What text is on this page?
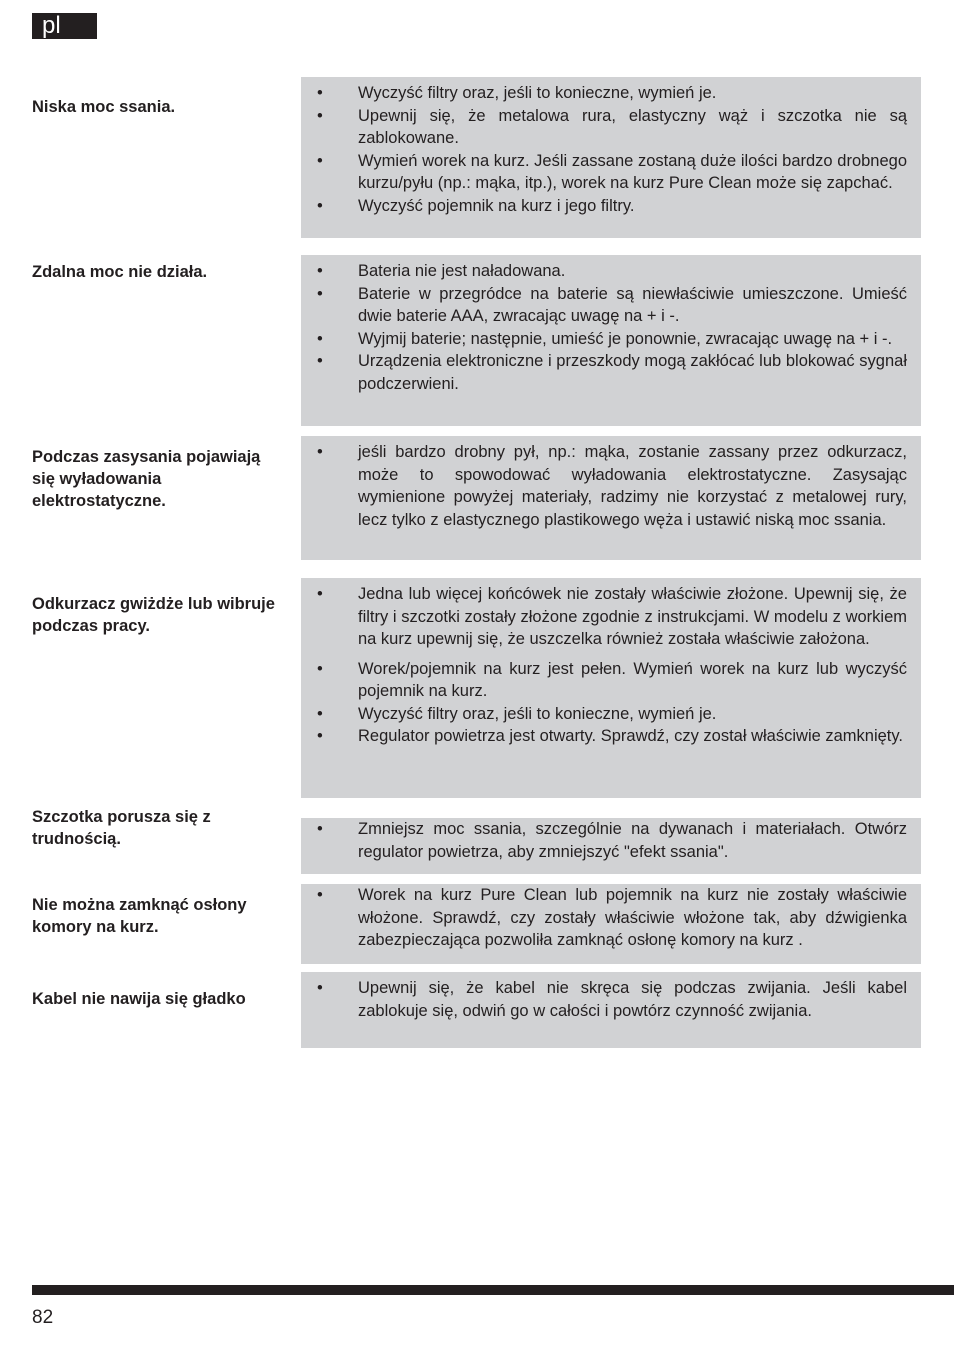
pl
Niska moc ssania.
• Wyczyść filtry oraz, jeśli to konieczne, wymień je.
• Upewnij się, że metalowa rura, elastyczny wąż i szczotka nie są zablokowane.
• Wymień worek na kurz. Jeśli zassane zostaną duże ilości bardzo drobnego kurzu/pyłu (np.: mąka, itp.), worek na kurz Pure Clean może się zapchać.
• Wyczyść pojemnik na kurz i jego filtry.
Zdalna moc nie działa.	• Bateria nie jest naładowana.
• Baterie w przegródce na baterie są niewłaściwie umieszczone. Umieść dwie baterie AAA, zwracając uwagę na + i -.
• Wyjmij baterie; następnie, umieść je ponownie, zwracając uwagę na + i -.
• Urządzenia elektroniczne i przeszkody mogą zakłócać lub blokować sygnał podczerwieni.
Podczas zasysania pojawiają się wyładowania elektrostatyczne.
• jeśli bardzo drobny pył, np.: mąka, zostanie zassany przez odkurzacz, może to spowodować wyładowania elektrostatyczne. Zasysając wymienione powyżej materiały, radzimy nie korzystać z metalowej rury, lecz tylko z elastycznego plastikowego węża i ustawić niską moc ssania.
Odkurzacz gwiżdże lub wibruje podczas pracy.
• Jedna lub więcej końcówek nie zostały właściwie złożone. Upewnij się, że filtry i szczotki zostały złożone zgodnie z instrukcjami. W modelu z workiem na kurz upewnij się, że uszczelka również została właściwie założona.
• Worek/pojemnik na kurz jest pełen. Wymień worek na kurz lub wyczyść pojemnik na kurz.
• Wyczyść filtry oraz, jeśli to konieczne, wymień je.
• Regulator powietrza jest otwarty. Sprawdź, czy został właściwie zamknięty.
Szczotka porusza się z trudnością.
• Zmniejsz moc ssania, szczególnie na dywanach i materiałach. Otwórz regulator powietrza, aby zmniejszyć "efekt ssania".
Nie można zamknąć osłony komory na kurz.
• Worek na kurz Pure Clean lub pojemnik na kurz nie zostały właściwie włożone. Sprawdź, czy zostały właściwie włożone tak, aby dźwigienka zabezpieczająca pozwoliła zamknąć osłonę komory na kurz .
Kabel nie nawija się gładko
• Upewnij się, że kabel nie skręca się podczas zwijania. Jeśli kabel zablokuje się, odwiń go w całości i powtórz czynność zwijania.
82
